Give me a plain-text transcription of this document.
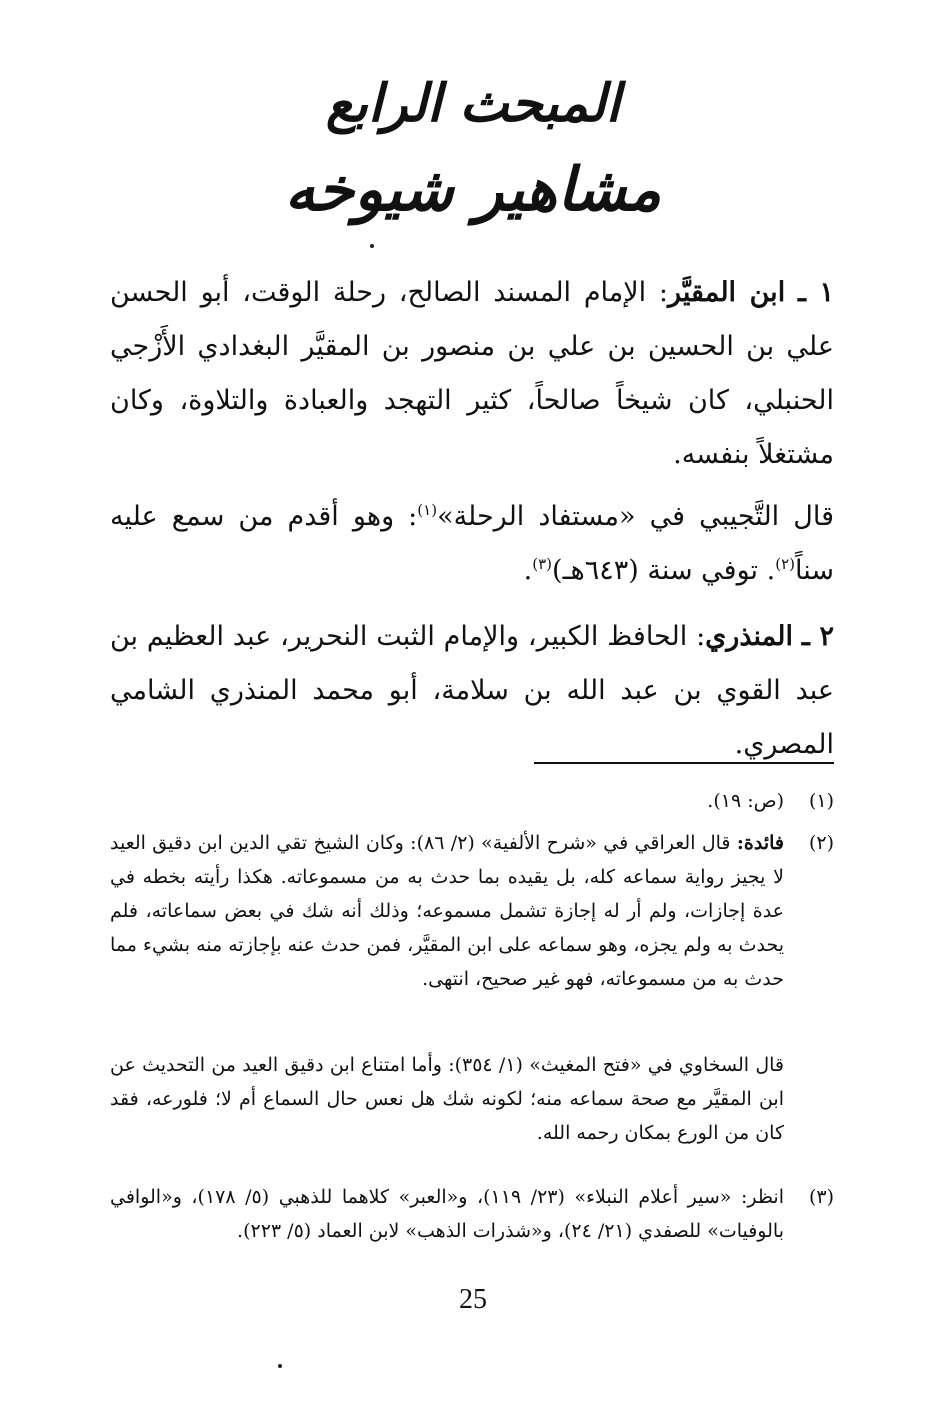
المبحث الرابع
مشاهير شيوخه

١ ـ ابن المقيَّر: الإمام المسند الصالح، رحلة الوقت، أبو الحسن علي بن الحسين بن علي بن منصور بن المقيَّر البغدادي الأَزْجي الحنبلي، كان شيخاً صالحاً، كثير التهجد والعبادة والتلاوة، وكان مشتغلاً بنفسه.

قال التَّجيبي في «مستفاد الرحلة»$^{(١)}$: وهو أقدم من سمع عليه سناً$^{(٢)}$. توفي سنة (٦٤٣هـ)$^{(٣)}$.

٢ ـ المنذري: الحافظ الكبير، والإمام الثبت النحرير، عبد العظيم بن عبد القوي بن عبد الله بن سلامة، أبو محمد المنذري الشامي المصري.

(١)
(ص: ١٩).
(٢)
فائدة: قال العراقي في «شرح الألفية» (٢/ ٨٦): وكان الشيخ تقي الدين ابن دقيق العيد لا يجيز رواية سماعه كله، بل يقيده بما حدث به من مسموعاته. هكذا رأيته بخطه في عدة إجازات، ولم أر له إجازة تشمل مسموعه؛ وذلك أنه شك في بعض سماعاته، فلم يحدث به ولم يجزه، وهو سماعه على ابن المقيَّر، فمن حدث عنه بإجازته منه بشيء مما حدث به من مسموعاته، فهو غير صحيح، انتهى.
قال السخاوي في «فتح المغيث» (١/ ٣٥٤): وأما امتناع ابن دقيق العيد من التحديث عن ابن المقيَّر مع صحة سماعه منه؛ لكونه شك هل نعس حال السماع أم لا؛ فلورعه، فقد كان من الورع بمكان رحمه الله.
(٣)
انظر: «سير أعلام النبلاء» (٢٣/ ١١٩)، و«العبر» كلاهما للذهبي (٥/ ١٧٨)، و«الوافي بالوفيات» للصفدي (٢١/ ٢٤)، و«شذرات الذهب» لابن العماد (٥/ ٢٢٣).
25
